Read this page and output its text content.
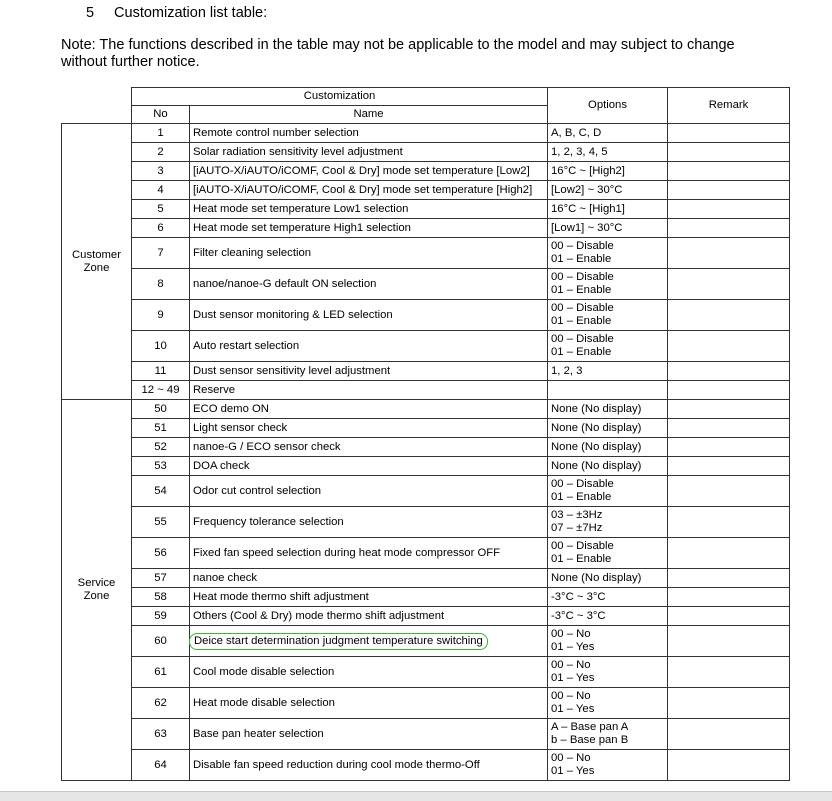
5 Customization list table:
Note: The functions described in the table may not be applicable to the model and may subject to change without further notice.
	Customization		Options	Remark
	No	Name		
Customer
Zone	1	Remote control number selection	A, B, C, D	
	2	Solar radiation sensitivity level adjustment	1, 2, 3, 4, 5	
	3	[iAUTO-X/iAUTO/iCOMF, Cool & Dry] mode set temperature [Low2]	16°C ~ [High2]	
	4	[iAUTO-X/iAUTO/iCOMF, Cool & Dry] mode set temperature [High2]	[Low2] ~ 30°C	
	5	Heat mode set temperature Low1 selection	16°C ~ [High1]	
	6	Heat mode set temperature High1 selection	[Low1] ~ 30°C	
	7	Filter cleaning selection	00 – Disable
01 – Enable	
	8	nanoe/nanoe-G default ON selection	00 – Disable
01 – Enable	
	9	Dust sensor monitoring & LED selection	00 – Disable
01 – Enable	
	10	Auto restart selection	00 – Disable
01 – Enable	
	11	Dust sensor sensitivity level adjustment	1, 2, 3	
	12 ~ 49	Reserve		
Service
Zone	50	ECO demo ON	None (No display)	
	51	Light sensor check	None (No display)	
	52	nanoe-G / ECO sensor check	None (No display)	
	53	DOA check	None (No display)	
	54	Odor cut control selection	00 – Disable
01 – Enable	
	55	Frequency tolerance selection	03 – ±3Hz
07 – ±7Hz	
	56	Fixed fan speed selection during heat mode compressor OFF	00 – Disable
01 – Enable	
	57	nanoe check	None (No display)	
	58	Heat mode thermo shift adjustment	-3°C ~ 3°C	
	59	Others (Cool & Dry) mode thermo shift adjustment	-3°C ~ 3°C	
	60	Deice start determination judgment temperature switching	00 – No
01 – Yes	
	61	Cool mode disable selection	00 – No
01 – Yes	
	62	Heat mode disable selection	00 – No
01 – Yes	
	63	Base pan heater selection	A – Base pan A
b – Base pan B	
	64	Disable fan speed reduction during cool mode thermo-Off	00 – No
01 – Yes	
